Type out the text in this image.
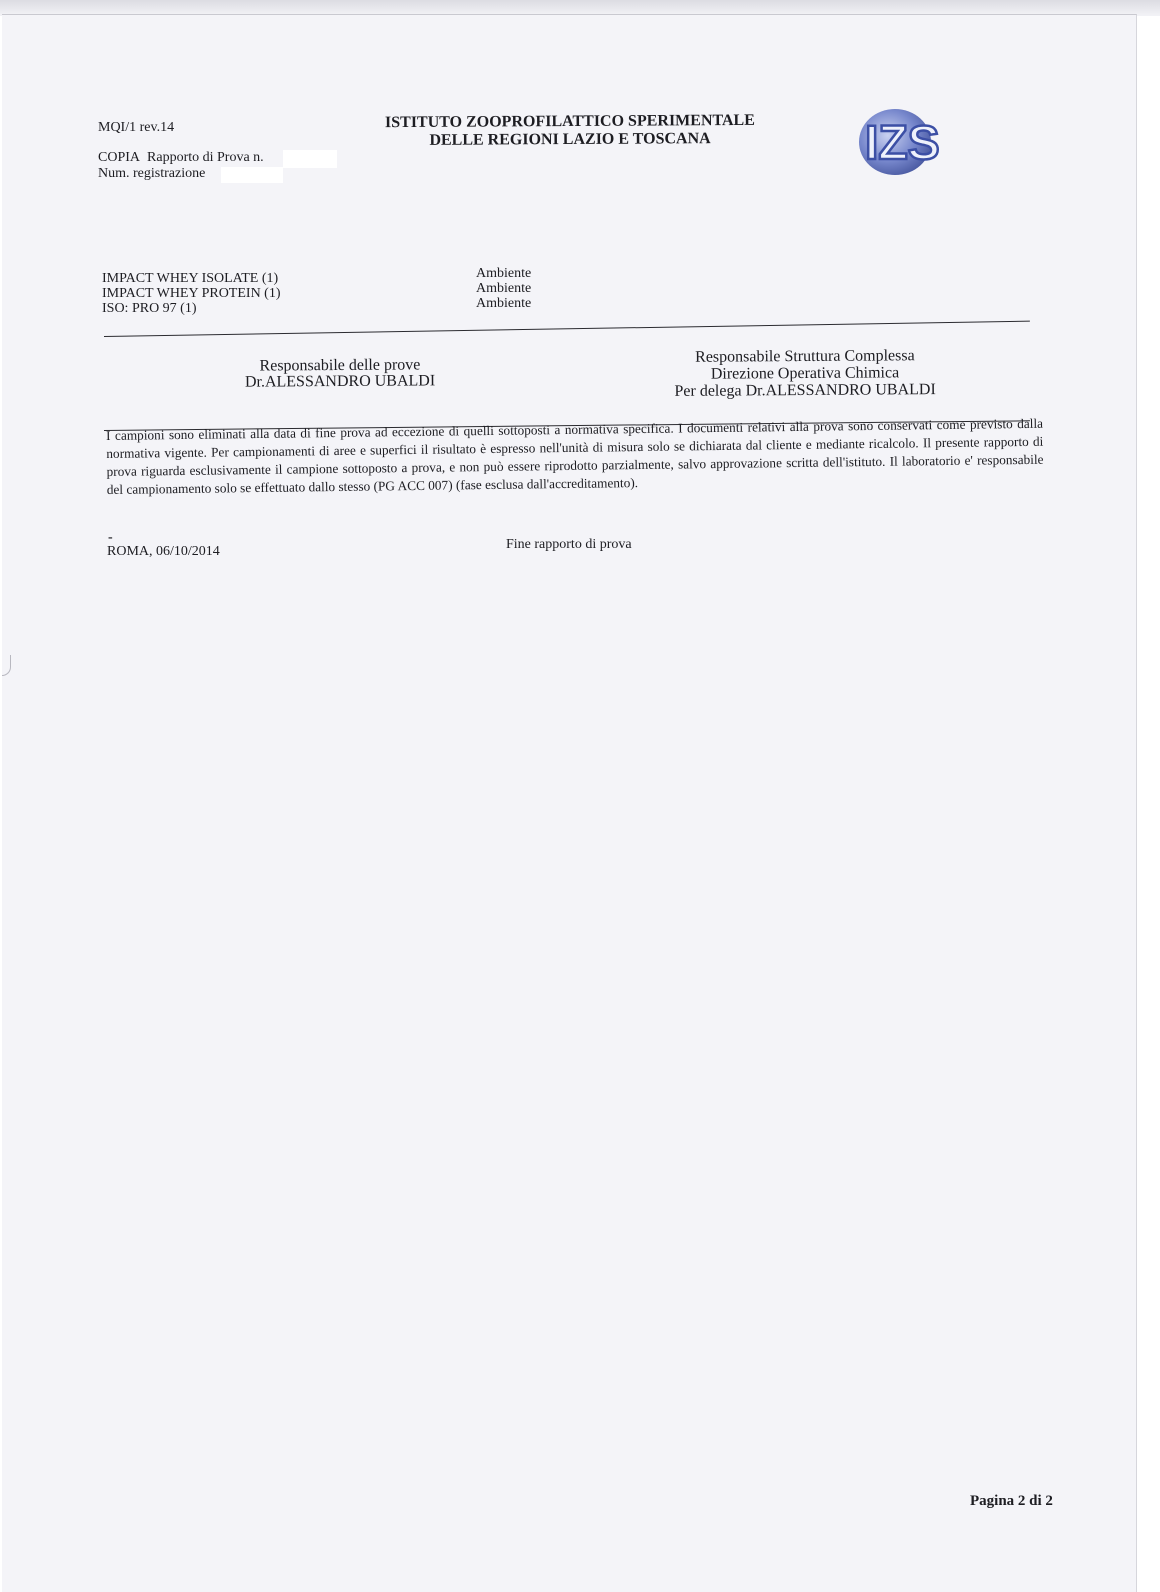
MQI/1 rev.14
COPIA Rapporto di Prova n.
Num. registrazione
ISTITUTO ZOOPROFILATTICO SPERIMENTALE
DELLE REGIONI LAZIO E TOSCANA	IZS
IMPACT WHEY ISOLATE (1)
IMPACT WHEY PROTEIN (1)
ISO: PRO 97 (1)
Ambiente
Ambiente
Ambiente
Responsabile delle prove
Dr.ALESSANDRO UBALDI
Responsabile Struttura Complessa
Direzione Operativa Chimica
Per delega Dr.ALESSANDRO UBALDI
I campioni sono eliminati alla data di fine prova ad eccezione di quelli sottoposti a normativa specifica. I documenti relativi alla prova sono conservati come previsto dalla normativa vigente. Per campionamenti di aree e superfici il risultato è espresso nell'unità di misura solo se dichiarata dal cliente e mediante ricalcolo. Il presente rapporto di prova riguarda esclusivamente il campione sottoposto a prova, e non può essere riprodotto parzialmente, salvo approvazione scritta dell'istituto. Il laboratorio e' responsabile del campionamento solo se effettuato dallo stesso (PG ACC 007) (fase esclusa dall'accreditamento).
-
ROMA, 06/10/2014	Fine rapporto di prova
Pagina 2 di 2
